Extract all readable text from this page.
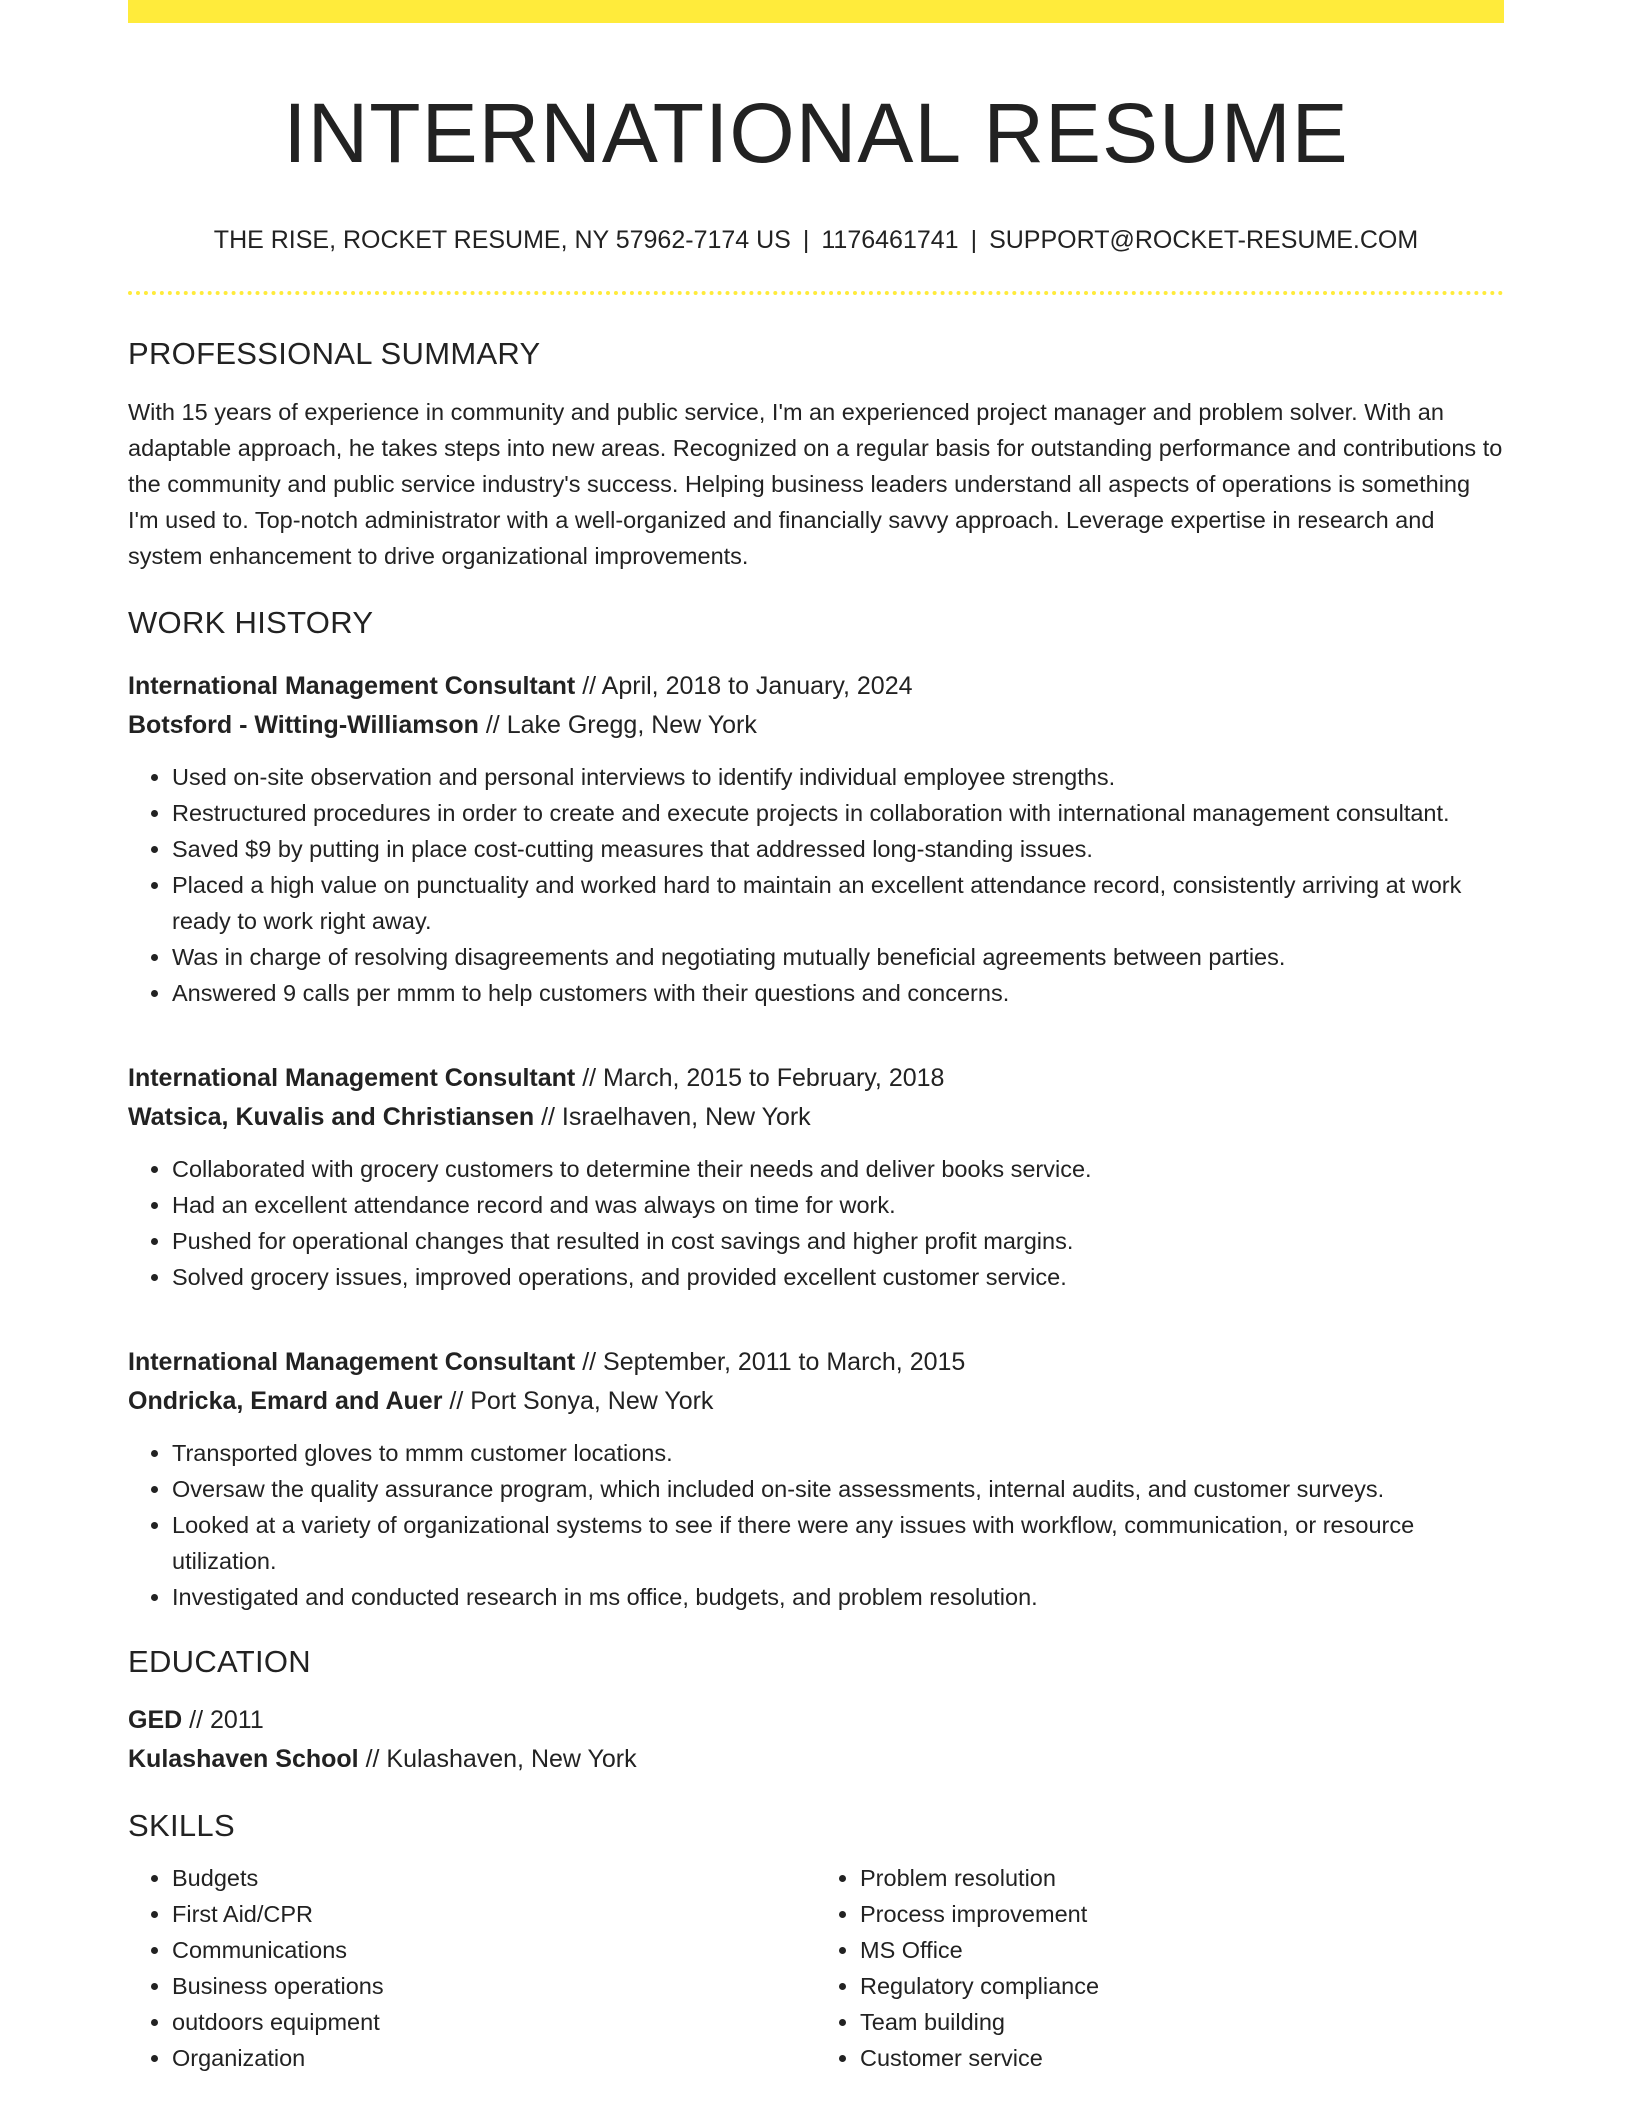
INTERNATIONAL RESUME
THE RISE, ROCKET RESUME, NY 57962-7174 US | 1176461741 | SUPPORT@ROCKET-RESUME.COM
PROFESSIONAL SUMMARY

With 15 years of experience in community and public service, I'm an experienced project manager and problem solver. With an adaptable approach, he takes steps into new areas. Recognized on a regular basis for outstanding performance and contributions to the community and public service industry's success. Helping business leaders understand all aspects of operations is something I'm used to. Top-notch administrator with a well-organized and financially savvy approach. Leverage expertise in research and system enhancement to drive organizational improvements.

WORK HISTORY
International Management Consultant // April, 2018 to January, 2024
Botsford - Witting-Williamson // Lake Gregg, New York
• Used on-site observation and personal interviews to identify individual employee strengths.
• Restructured procedures in order to create and execute projects in collaboration with international management consultant.
• Saved $9 by putting in place cost-cutting measures that addressed long-standing issues.
• Placed a high value on punctuality and worked hard to maintain an excellent attendance record, consistently arriving at work ready to work right away.
• Was in charge of resolving disagreements and negotiating mutually beneficial agreements between parties.
• Answered 9 calls per mmm to help customers with their questions and concerns.
International Management Consultant // March, 2015 to February, 2018
Watsica, Kuvalis and Christiansen // Israelhaven, New York
• Collaborated with grocery customers to determine their needs and deliver books service.
• Had an excellent attendance record and was always on time for work.
• Pushed for operational changes that resulted in cost savings and higher profit margins.
• Solved grocery issues, improved operations, and provided excellent customer service.
International Management Consultant // September, 2011 to March, 2015
Ondricka, Emard and Auer // Port Sonya, New York
• Transported gloves to mmm customer locations.
• Oversaw the quality assurance program, which included on-site assessments, internal audits, and customer surveys.
• Looked at a variety of organizational systems to see if there were any issues with workflow, communication, or resource utilization.
• Investigated and conducted research in ms office, budgets, and problem resolution.
EDUCATION
GED // 2011
Kulashaven School // Kulashaven, New York
SKILLS
• Budgets
• First Aid/CPR
• Communications
• Business operations
• outdoors equipment
• Organization
• Problem resolution
• Process improvement
• MS Office
• Regulatory compliance
• Team building
• Customer service
